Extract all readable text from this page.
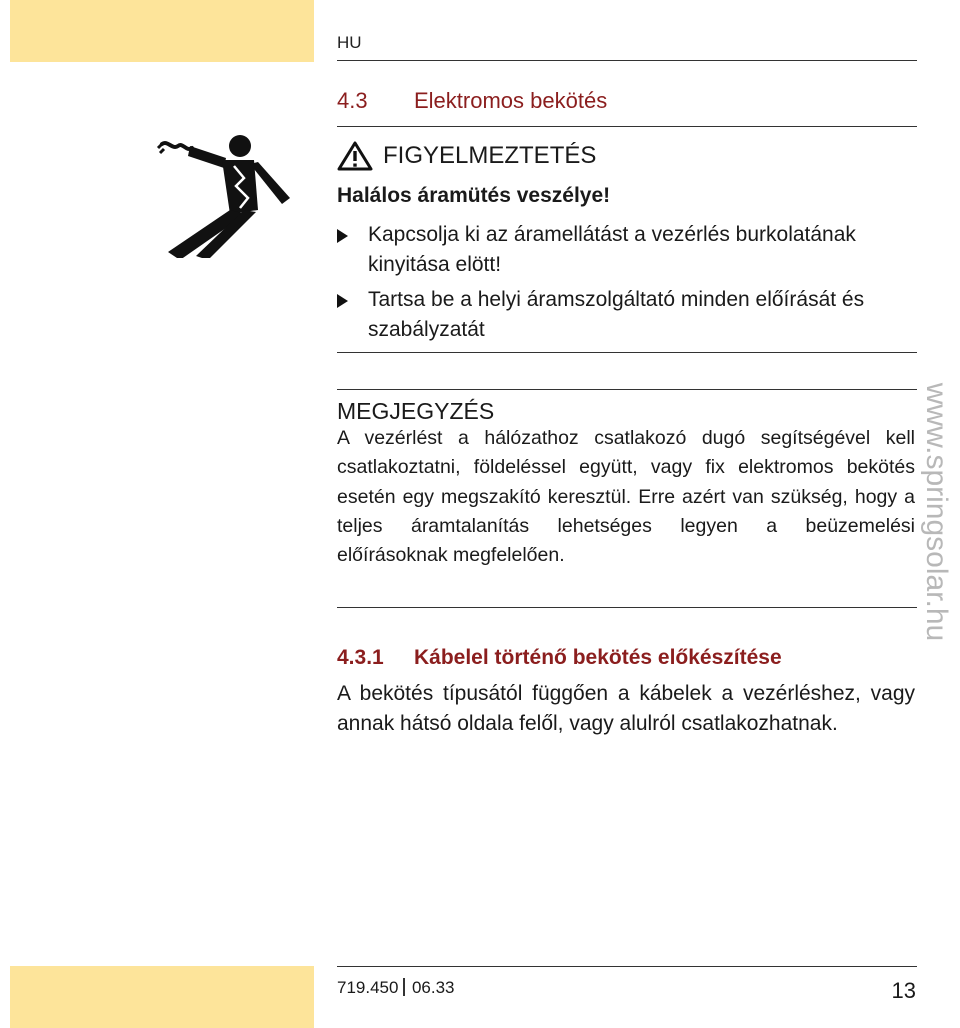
HU
4.3 Elektromos bekötés
FIGYELMEZTETÉS
Halálos áramütés veszélye!
Kapcsolja ki az áramellátást a vezérlés burkolatának kinyitása elött!
Tartsa be a helyi áramszolgáltató minden előírását és szabályzatát
MEGJEGYZÉS

A vezérlést a hálózathoz csatlakozó dugó segítségével kell csatlakoztatni, földeléssel együtt, vagy fix elektromos bekötés esetén egy megszakító keresztül. Erre azért van szükség, hogy a teljes áramtalanítás lehetséges legyen a beüzemelési előírásoknak megfelelően.

4.3.1 Kábelel történő bekötés előkészítése

A bekötés típusától függően a kábelek a vezérléshez, vagy annak hátsó oldala felől, vagy alulról csatlakozhatnak.

www.springsolar.hu
719.450 06.33	13
